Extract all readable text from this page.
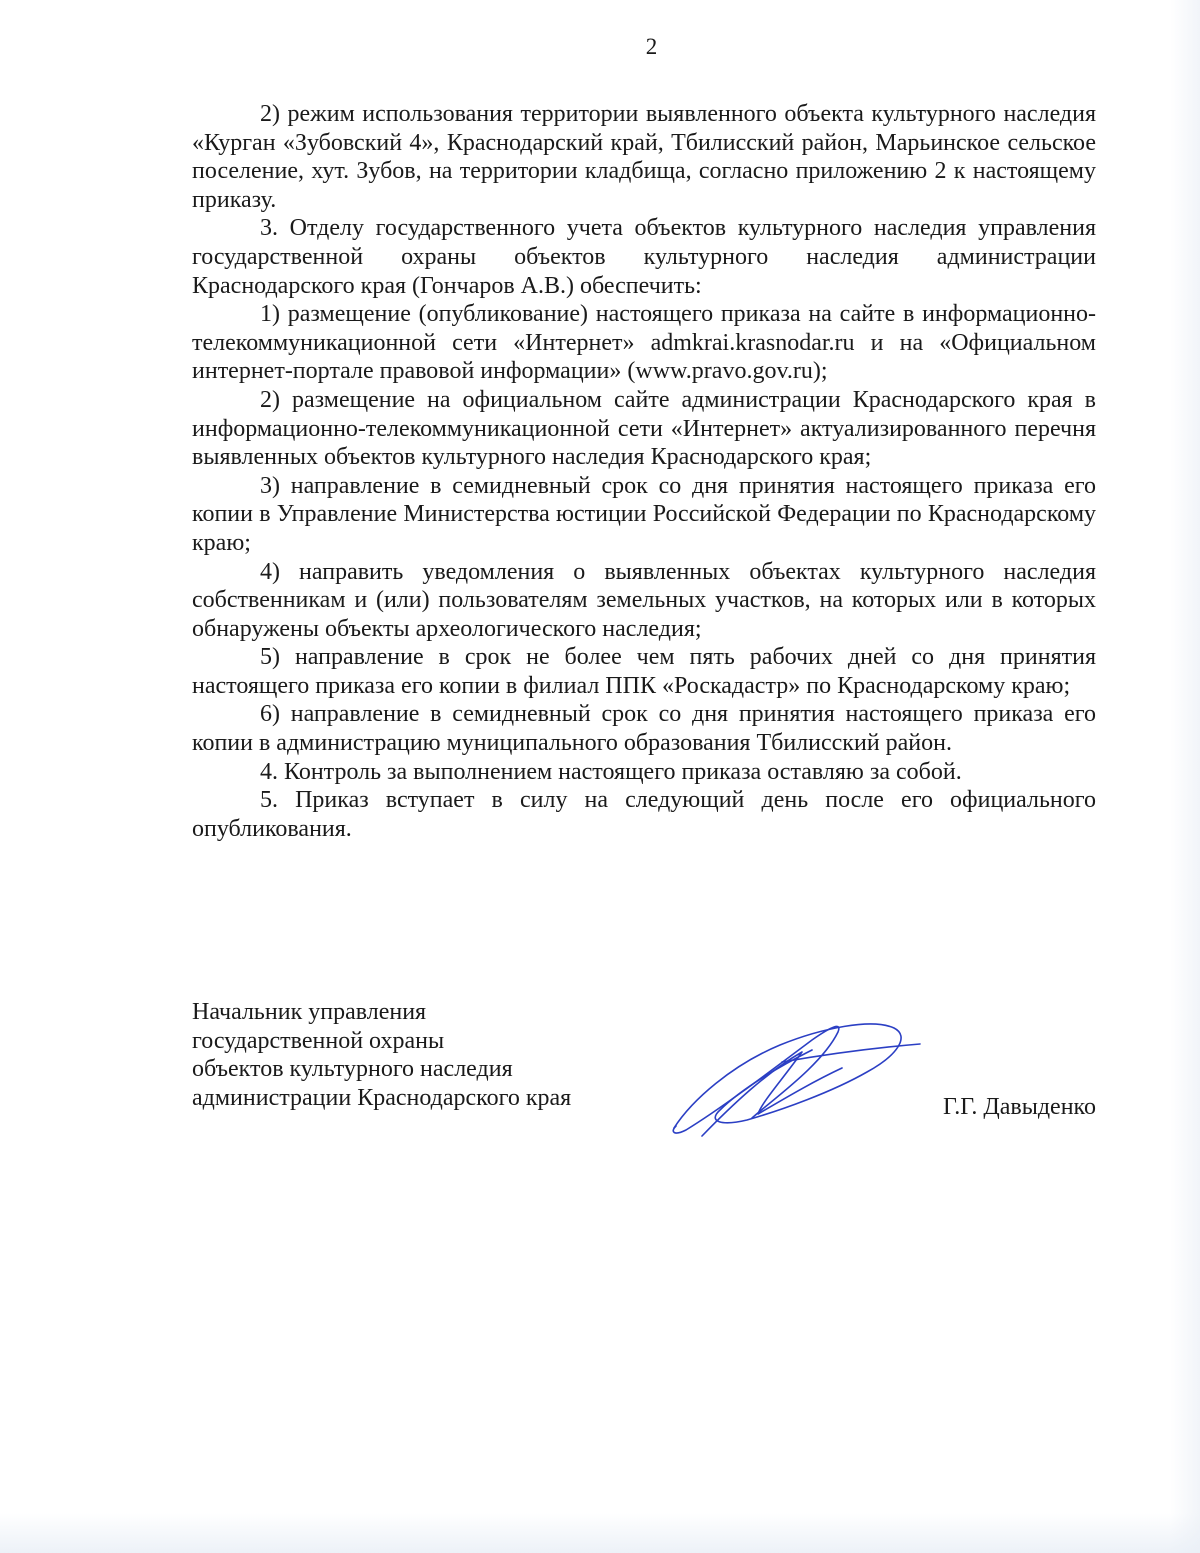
2

2) режим использования территории выявленного объекта культурного наследия «Курган «Зубовский 4», Краснодарский край, Тбилисский район, Марьинское сельское поселение, хут. Зубов, на территории кладбища, согласно приложению 2 к настоящему приказу.

3. Отделу государственного учета объектов культурного наследия управления государственной охраны объектов культурного наследия администрации Краснодарского края (Гончаров А.В.) обеспечить:

1) размещение (опубликование) настоящего приказа на сайте в информационно-телекоммуникационной сети «Интернет» admkrai.krasnodar.ru и на «Официальном интернет-портале правовой информации» (www.pravo.gov.ru);

2) размещение на официальном сайте администрации Краснодарского края в информационно-телекоммуникационной сети «Интернет» актуализированного перечня выявленных объектов культурного наследия Краснодарского края;

3) направление в семидневный срок со дня принятия настоящего приказа его копии в Управление Министерства юстиции Российской Федерации по Краснодарскому краю;

4) направить уведомления о выявленных объектах культурного наследия собственникам и (или) пользователям земельных участков, на которых или в которых обнаружены объекты археологического наследия;

5) направление в срок не более чем пять рабочих дней со дня принятия настоящего приказа его копии в филиал ППК «Роскадастр» по Краснодарскому краю;

6) направление в семидневный срок со дня принятия настоящего приказа его копии в администрацию муниципального образования Тбилисский район.

4. Контроль за выполнением настоящего приказа оставляю за собой.

5. Приказ вступает в силу на следующий день после его официального опубликования.

Начальник управления
государственной охраны
объектов культурного наследия
администрации Краснодарского края	Г.Г. Давыденко
